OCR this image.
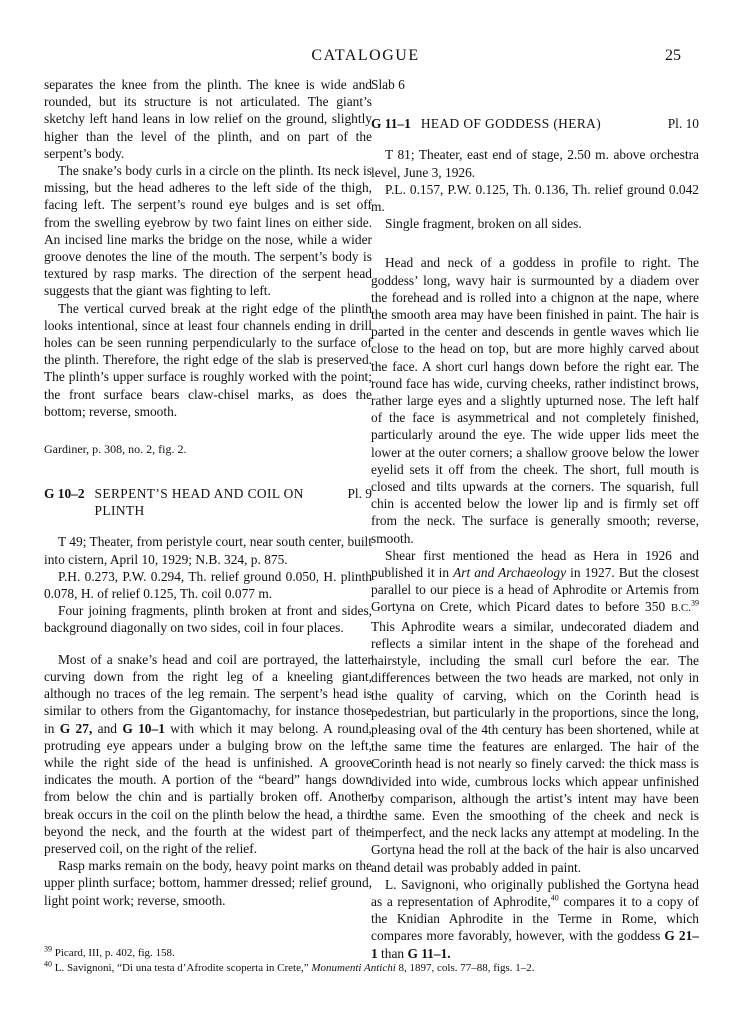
CATALOGUE	25

separates the knee from the plinth. The knee is wide and rounded, but its structure is not articulated. The giant’s sketchy left hand leans in low relief on the ground, slightly higher than the level of the plinth, and on part of the serpent’s body.

The snake’s body curls in a circle on the plinth. Its neck is missing, but the head adheres to the left side of the thigh, facing left. The serpent’s round eye bulges and is set off from the swelling eyebrow by two faint lines on either side. An incised line marks the bridge on the nose, while a wider groove denotes the line of the mouth. The serpent’s body is textured by rasp marks. The direction of the serpent head suggests that the giant was fighting to left.

The vertical curved break at the right edge of the plinth looks intentional, since at least four channels ending in drill holes can be seen running perpendicularly to the surface of the plinth. Therefore, the right edge of the slab is preserved. The plinth’s upper surface is roughly worked with the point; the front surface bears claw-chisel marks, as does the bottom; reverse, smooth.

Gardiner, p. 308, no. 2, fig. 2.

G 10–2 SERPENT’S HEAD AND COIL ON PLINTH
Pl. 9

T 49; Theater, from peristyle court, near south center, built into cistern, April 10, 1929; N.B. 324, p. 875.

P.H. 0.273, P.W. 0.294, Th. relief ground 0.050, H. plinth 0.078, H. of relief 0.125, Th. coil 0.077 m.

Four joining fragments, plinth broken at front and sides, background diagonally on two sides, coil in four places.

Most of a snake’s head and coil are portrayed, the latter curving down from the right leg of a kneeling giant, although no traces of the leg remain. The serpent’s head is similar to others from the Gigantomachy, for instance those in G 27, and G 10–1 with which it may belong. A round, protruding eye appears under a bulging brow on the left, while the right side of the head is unfinished. A groove indicates the mouth. A portion of the “beard” hangs down from below the chin and is partially broken off. Another break occurs in the coil on the plinth below the head, a third beyond the neck, and the fourth at the widest part of the preserved coil, on the right of the relief.

Rasp marks remain on the body, heavy point marks on the upper plinth surface; bottom, hammer dressed; relief ground, light point work; reverse, smooth.

Slab 6

G 11–1 HEAD OF GODDESS (HERA)	Pl. 10

T 81; Theater, east end of stage, 2.50 m. above orchestra level, June 3, 1926.

P.L. 0.157, P.W. 0.125, Th. 0.136, Th. relief ground 0.042 m.

Single fragment, broken on all sides.

Head and neck of a goddess in profile to right. The goddess’ long, wavy hair is surmounted by a diadem over the forehead and is rolled into a chignon at the nape, where the smooth area may have been finished in paint. The hair is parted in the center and descends in gentle waves which lie close to the head on top, but are more highly carved about the face. A short curl hangs down before the right ear. The round face has wide, curving cheeks, rather indistinct brows, rather large eyes and a slightly upturned nose. The left half of the face is asymmetrical and not completely finished, particularly around the eye. The wide upper lids meet the lower at the outer corners; a shallow groove below the lower eyelid sets it off from the cheek. The short, full mouth is closed and tilts upwards at the corners. The squarish, full chin is accented below the lower lip and is firmly set off from the neck. The surface is generally smooth; reverse, smooth.

Shear first mentioned the head as Hera in 1926 and published it in Art and Archaeology in 1927. But the closest parallel to our piece is a head of Aphrodite or Artemis from Gortyna on Crete, which Picard dates to before 350 B.C.$^{39}$ This Aphrodite wears a similar, undecorated diadem and reflects a similar intent in the shape of the forehead and hairstyle, including the small curl before the ear. The differences between the two heads are marked, not only in the quality of carving, which on the Corinth head is pedestrian, but particularly in the proportions, since the long, pleasing oval of the 4th century has been shortened, while at the same time the features are enlarged. The hair of the Corinth head is not nearly so finely carved: the thick mass is divided into wide, cumbrous locks which appear unfinished by comparison, although the artist’s intent may have been the same. Even the smoothing of the cheek and neck is imperfect, and the neck lacks any attempt at modeling. In the Gortyna head the roll at the back of the hair is also uncarved and detail was probably added in paint.

L. Savignoni, who originally published the Gortyna head as a representation of Aphrodite,$^{40}$ compares it to a copy of the Knidian Aphrodite in the Terme in Rome, which compares more favorably, however, with the goddess G 21–1 than G 11–1.

$^{39}$ Picard, III, p. 402, fig. 158.

$^{40}$ L. Savignoni, “Di una testa d’Afrodite scoperta in Crete,” Monumenti Antichi 8, 1897, cols. 77–88, figs. 1–2.
